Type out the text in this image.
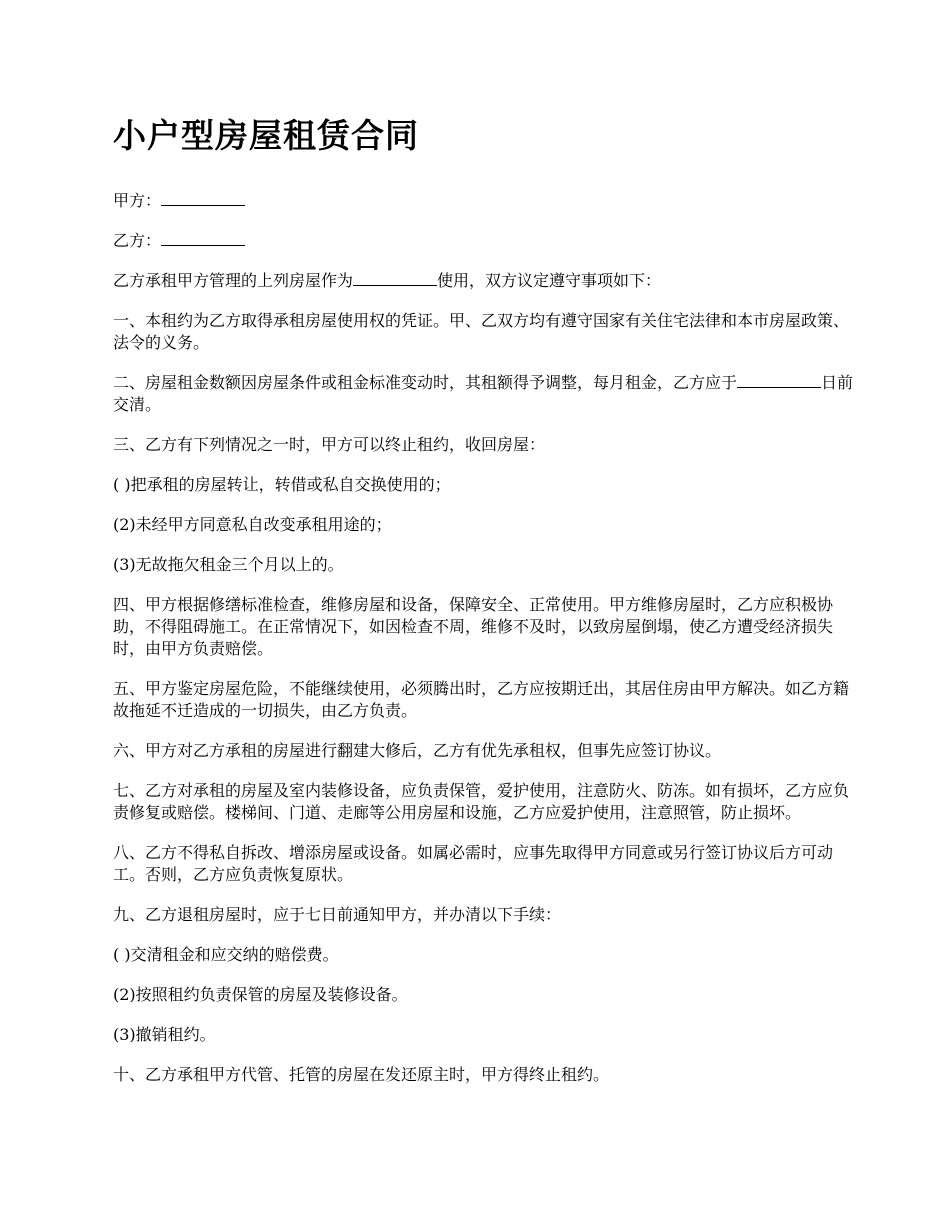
小户型房屋租赁合同

甲方：

乙方：

乙方承租甲方管理的上列房屋作为	使用，双方议定遵守事项如下：

一、本租约为乙方取得承租房屋使用权的凭证。甲、乙双方均有遵守国家有关住宅法律和本市房屋政策、法令的义务。

二、房屋租金数额因房屋条件或租金标准变动时，其租额得予调整，每月租金，乙方应于	日前交清。

三、乙方有下列情况之一时，甲方可以终止租约，收回房屋：

( )把承租的房屋转让，转借或私自交换使用的；

(2)未经甲方同意私自改变承租用途的；

(3)无故拖欠租金三个月以上的。

四、甲方根据修缮标准检查，维修房屋和设备，保障安全、正常使用。甲方维修房屋时，乙方应积极协助，不得阻碍施工。在正常情况下，如因检查不周，维修不及时，以致房屋倒塌，使乙方遭受经济损失时，由甲方负责赔偿。

五、甲方鉴定房屋危险，不能继续使用，必须腾出时，乙方应按期迁出，其居住房由甲方解决。如乙方籍故拖延不迁造成的一切损失，由乙方负责。

六、甲方对乙方承租的房屋进行翻建大修后，乙方有优先承租权，但事先应签订协议。

七、乙方对承租的房屋及室内装修设备，应负责保管，爱护使用，注意防火、防冻。如有损坏，乙方应负责修复或赔偿。楼梯间、门道、走廊等公用房屋和设施，乙方应爱护使用，注意照管，防止损坏。

八、乙方不得私自拆改、增添房屋或设备。如属必需时，应事先取得甲方同意或另行签订协议后方可动工。否则，乙方应负责恢复原状。

九、乙方退租房屋时，应于七日前通知甲方，并办清以下手续：

( )交清租金和应交纳的赔偿费。

(2)按照租约负责保管的房屋及装修设备。

(3)撤销租约。

十、乙方承租甲方代管、托管的房屋在发还原主时，甲方得终止租约。
